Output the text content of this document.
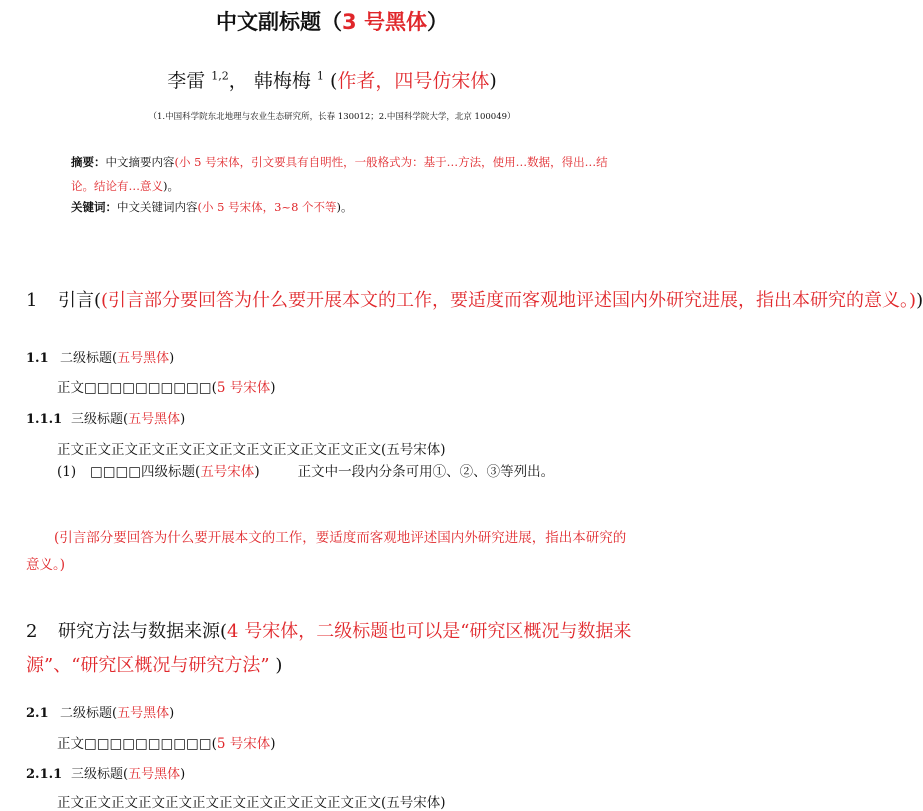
中文副标题（3 号黑体）
李雷 $^{1,2}$， 韩梅梅 $^1$ (作者，四号仿宋体)
（1.中国科学院东北地理与农业生态研究所，长春 130012；2.中国科学院大学，北京 100049）
摘要：中文摘要内容(小 5 号宋体，引文要具有自明性，一般格式为：基于…方法，使用…数据，得出…结论。结论有…意义)。
关键词：中文关键词内容(小 5 号宋体，3~8 个不等)。
1 引言((引言部分要回答为什么要开展本文的工作，要适度而客观地评述国内外研究进展，指出本研究的意义。))
1.1 二级标题(五号黑体)
正文□□□□□□□□□□(5 号宋体)
1.1.1 三级标题(五号黑体)
正文正文正文正文正文正文正文正文正文正文正文正文(五号宋体)
(1) □□□□四级标题(五号宋体)	正文中一段内分条可用①、②、③等列出。
(引言部分要回答为什么要开展本文的工作，要适度而客观地评述国内外研究进展，指出本研究的意义。)
2 研究方法与数据来源(4 号宋体，二级标题也可以是“研究区概况与数据来源”、“研究区概况与研究方法” )
2.1 二级标题(五号黑体)
正文□□□□□□□□□□(5 号宋体)
2.1.1 三级标题(五号黑体)
正文正文正文正文正文正文正文正文正文正文正文正文(五号宋体)
